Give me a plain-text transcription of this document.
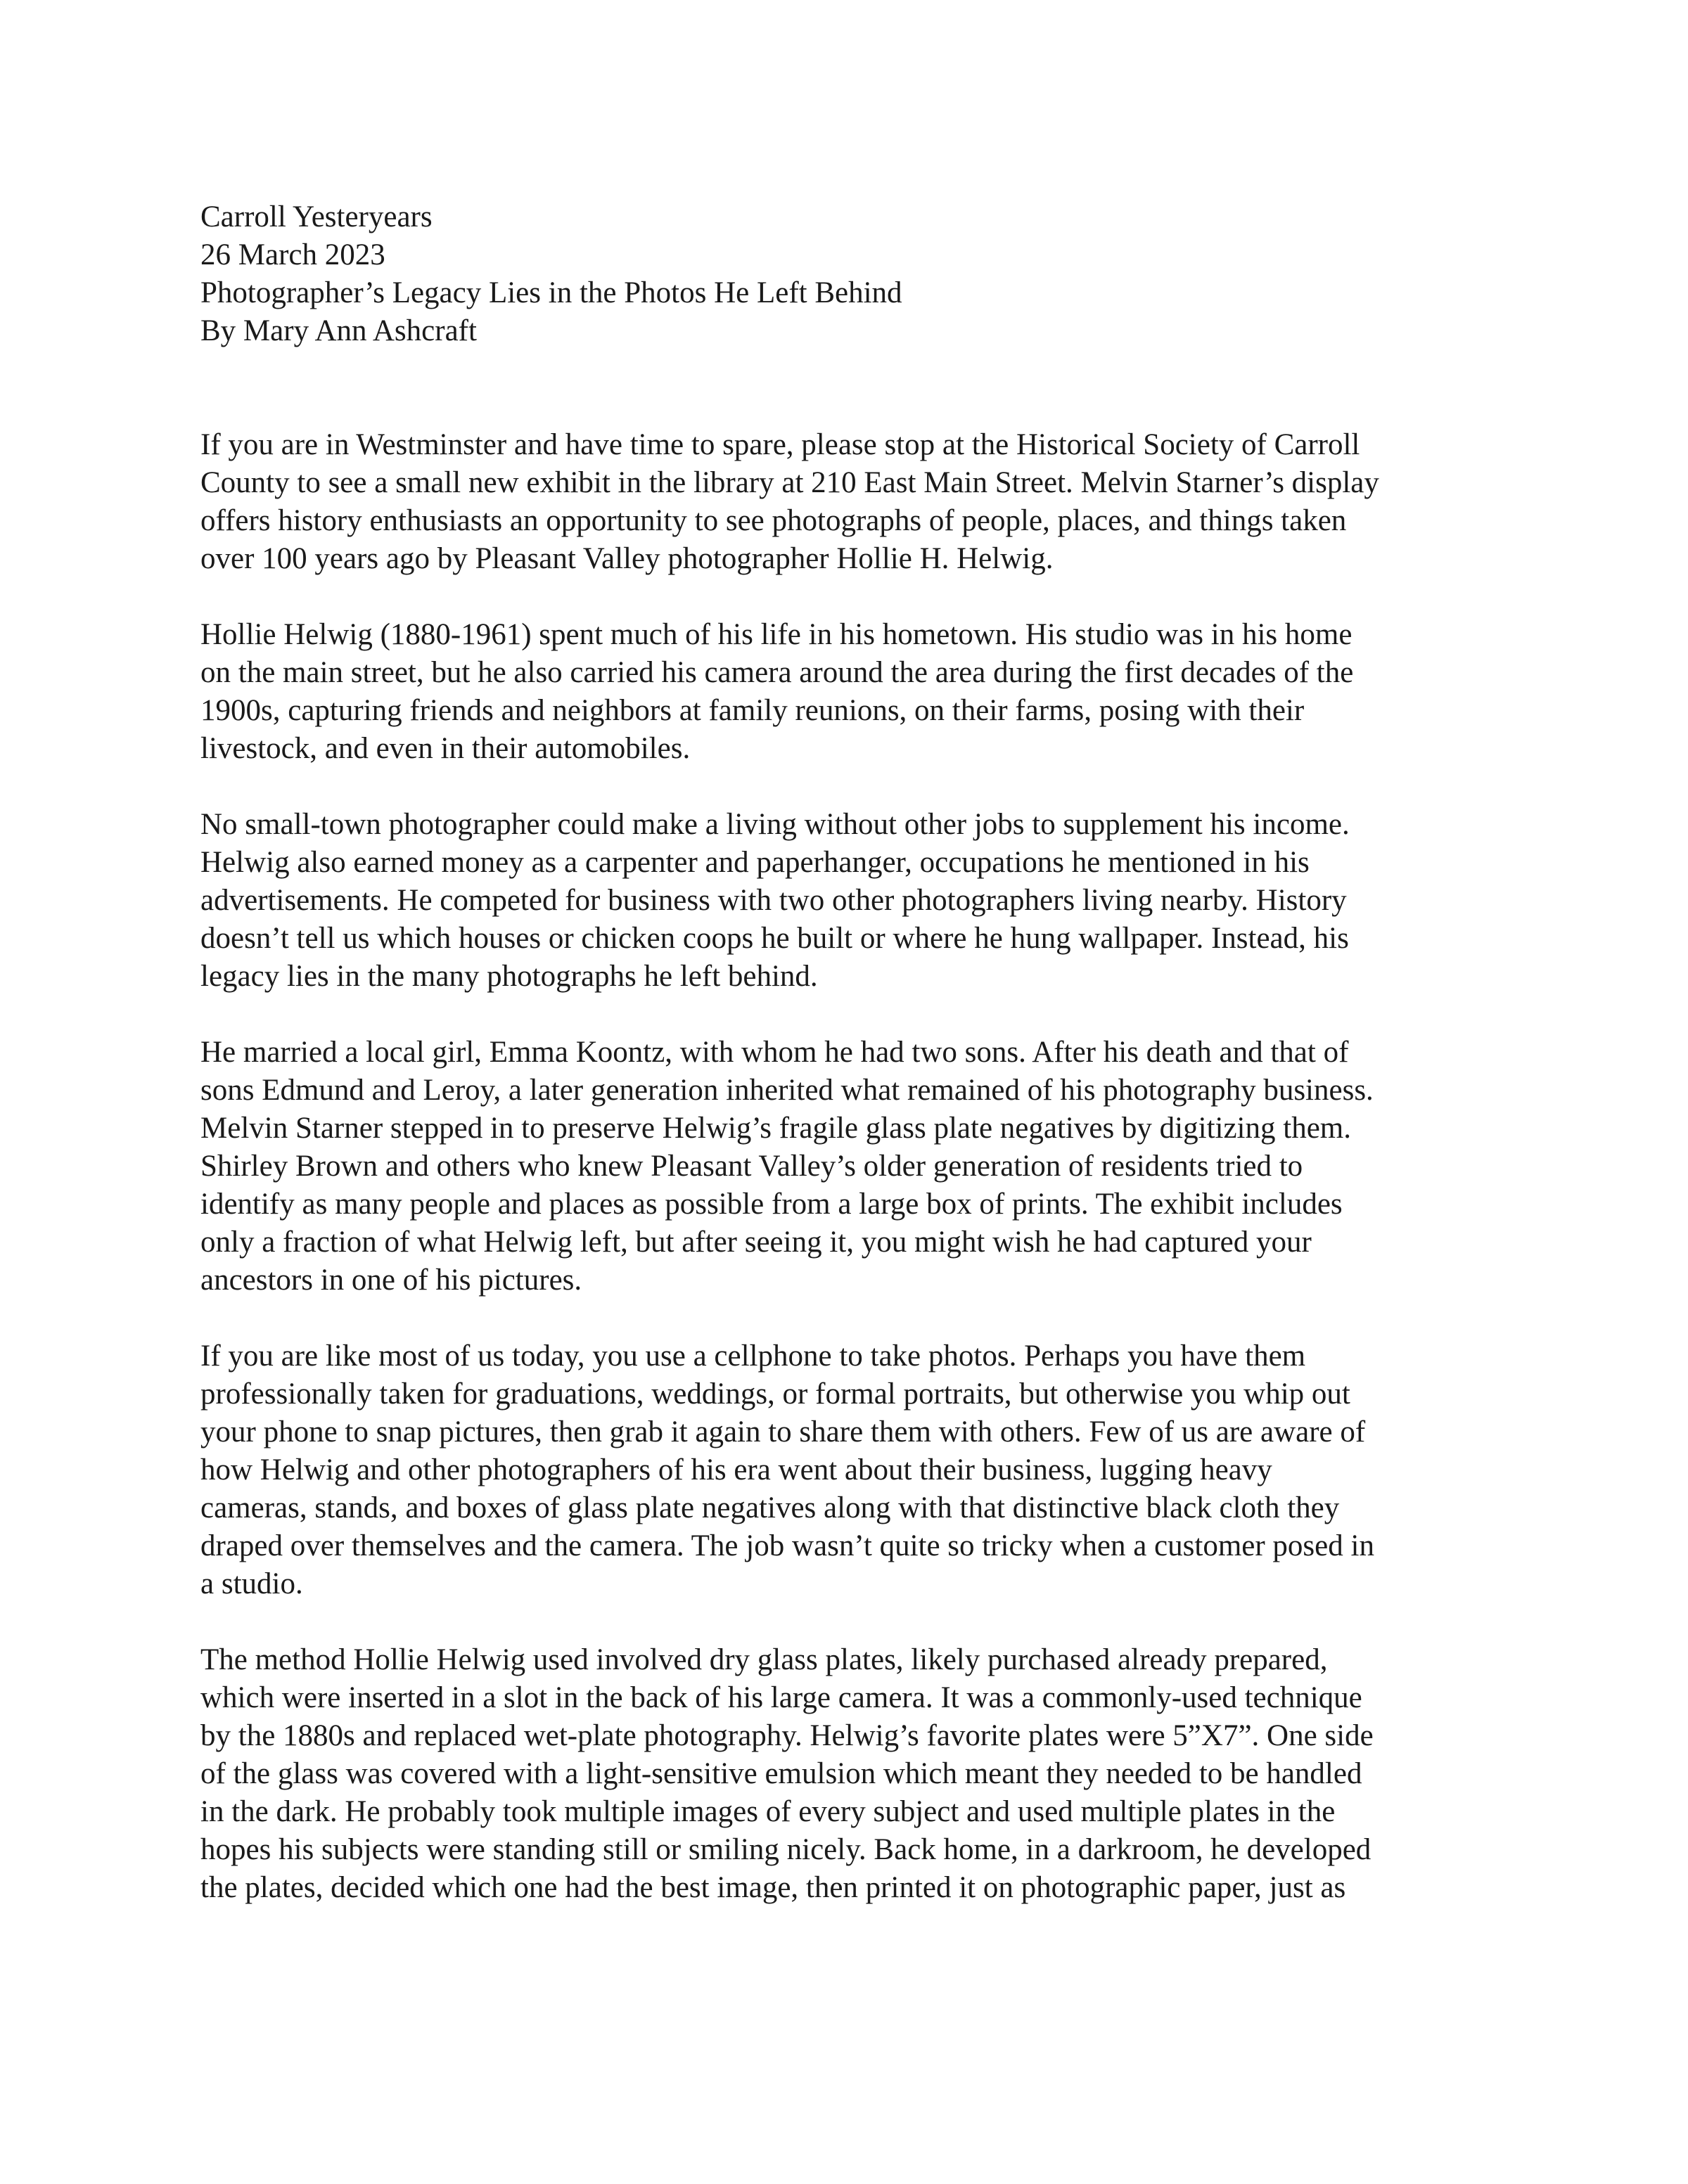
Carroll Yesteryears
26 March 2023
Photographer’s Legacy Lies in the Photos He Left Behind
By Mary Ann Ashcraft
If you are in Westminster and have time to spare, please stop at the Historical Society of Carroll
County to see a small new exhibit in the library at 210 East Main Street. Melvin Starner’s display
offers history enthusiasts an opportunity to see photographs of people, places, and things taken
over 100 years ago by Pleasant Valley photographer Hollie H. Helwig.
Hollie Helwig (1880-1961) spent much of his life in his hometown. His studio was in his home
on the main street, but he also carried his camera around the area during the first decades of the
1900s, capturing friends and neighbors at family reunions, on their farms, posing with their
livestock, and even in their automobiles.
No small-town photographer could make a living without other jobs to supplement his income.
Helwig also earned money as a carpenter and paperhanger, occupations he mentioned in his
advertisements. He competed for business with two other photographers living nearby. History
doesn’t tell us which houses or chicken coops he built or where he hung wallpaper. Instead, his
legacy lies in the many photographs he left behind.
He married a local girl, Emma Koontz, with whom he had two sons. After his death and that of
sons Edmund and Leroy, a later generation inherited what remained of his photography business.
Melvin Starner stepped in to preserve Helwig’s fragile glass plate negatives by digitizing them.
Shirley Brown and others who knew Pleasant Valley’s older generation of residents tried to
identify as many people and places as possible from a large box of prints. The exhibit includes
only a fraction of what Helwig left, but after seeing it, you might wish he had captured your
ancestors in one of his pictures.
If you are like most of us today, you use a cellphone to take photos. Perhaps you have them
professionally taken for graduations, weddings, or formal portraits, but otherwise you whip out
your phone to snap pictures, then grab it again to share them with others. Few of us are aware of
how Helwig and other photographers of his era went about their business, lugging heavy
cameras, stands, and boxes of glass plate negatives along with that distinctive black cloth they
draped over themselves and the camera. The job wasn’t quite so tricky when a customer posed in
a studio.
The method Hollie Helwig used involved dry glass plates, likely purchased already prepared,
which were inserted in a slot in the back of his large camera. It was a commonly-used technique
by the 1880s and replaced wet-plate photography. Helwig’s favorite plates were 5”X7”. One side
of the glass was covered with a light-sensitive emulsion which meant they needed to be handled
in the dark. He probably took multiple images of every subject and used multiple plates in the
hopes his subjects were standing still or smiling nicely. Back home, in a darkroom, he developed
the plates, decided which one had the best image, then printed it on photographic paper, just as
